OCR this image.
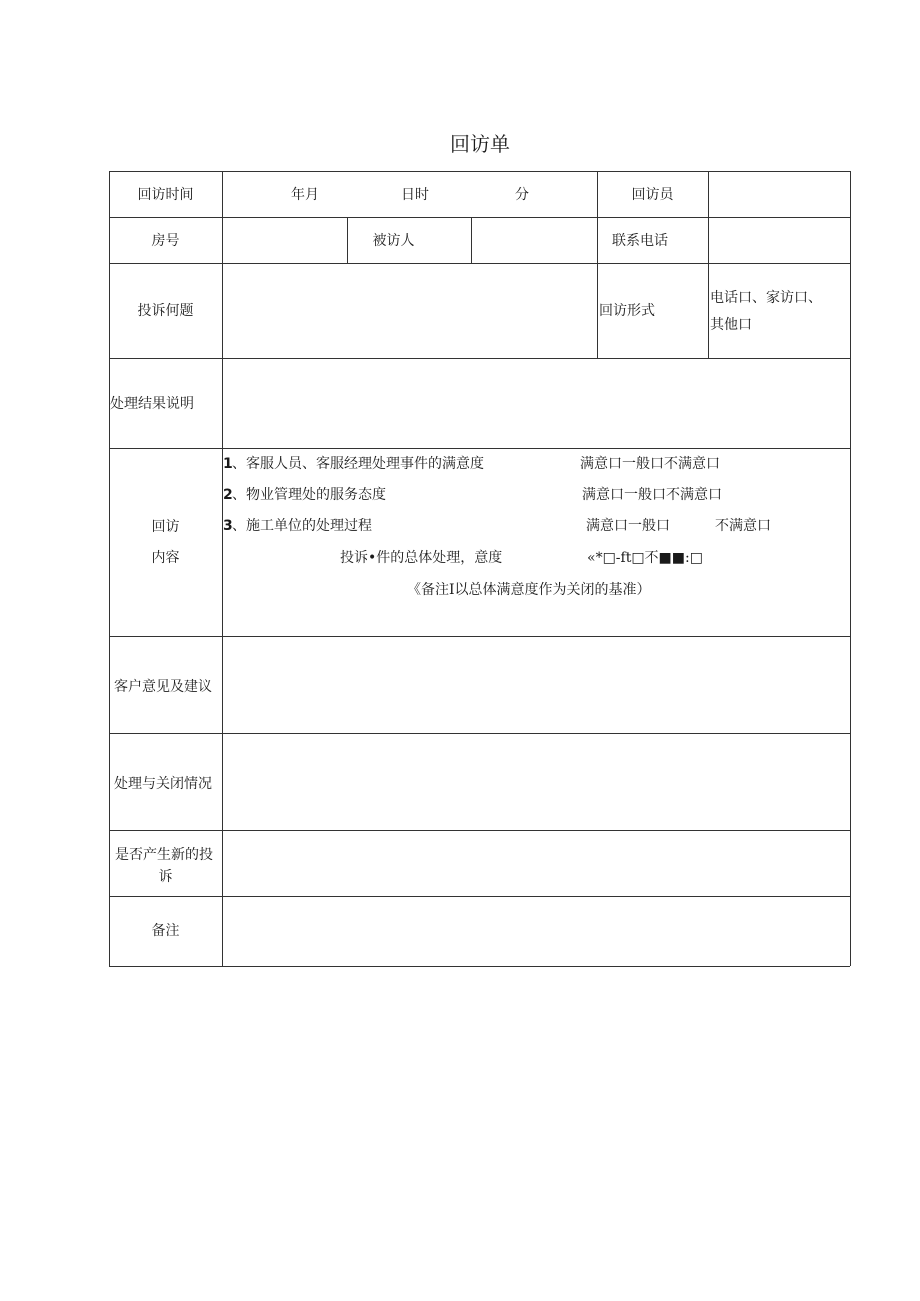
回访单
回访时间	年月	日时	分	回访员
房号	被访人	联系电话
投诉何题	回访形式
电话口、家访口、
其他口
处理结果说明
回访
内容
1 、客服人员、客服经理处理事件的满意度	满意口一般口不满意口
2 、物业管理处的服务态度	满意口一般口不满意口
3 、施工单位的处理过程	满意口一般口	不满意口
投诉•件的总体处理，意度	«*□-ft□不■■:□
《备注Ⅰ以总体满意度作为关闭的基准）
客户意见及建议
处理与关闭情况
是否产生新的投
诉
备注
